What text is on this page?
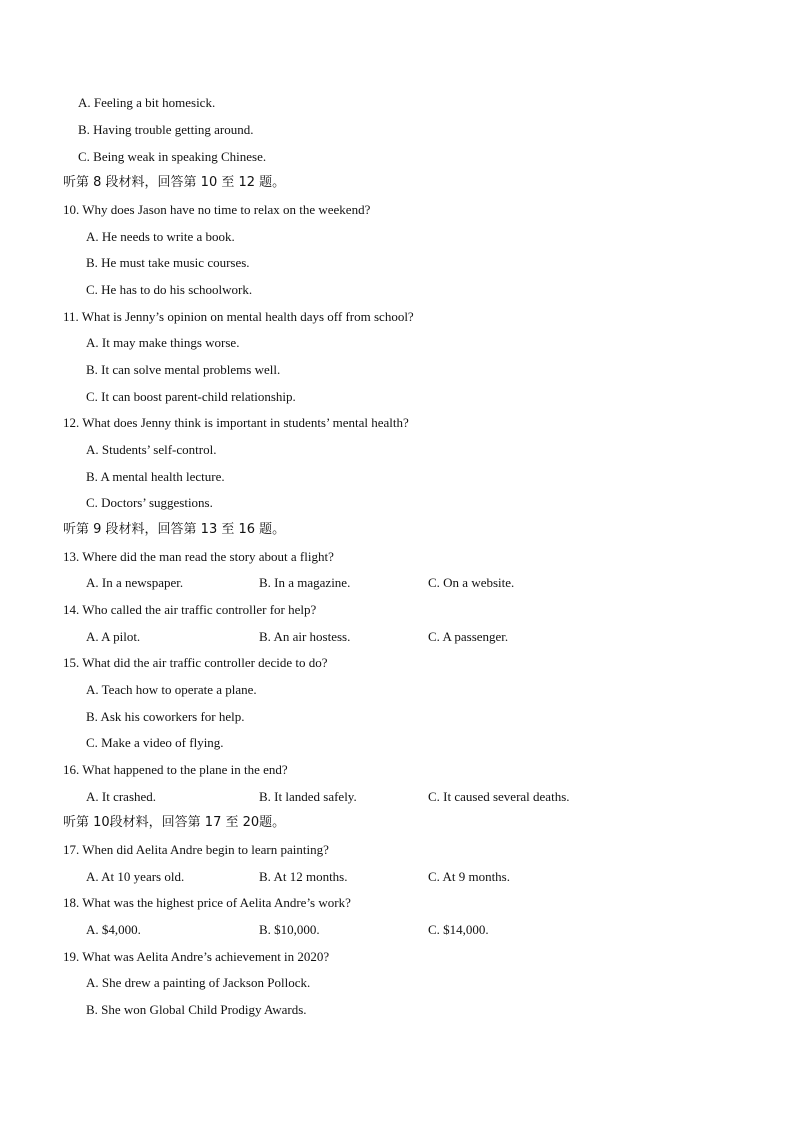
A. Feeling a bit homesick.
B. Having trouble getting around.
C. Being weak in speaking Chinese.
听第 8 段材料，回答第 10 至 12 题。
10. Why does Jason have no time to relax on the weekend?
A. He needs to write a book.
B. He must take music courses.
C. He has to do his schoolwork.
11. What is Jenny’s opinion on mental health days off from school?
A. It may make things worse.
B. It can solve mental problems well.
C. It can boost parent-child relationship.
12. What does Jenny think is important in students’ mental health?
A. Students’ self-control.
B. A mental health lecture.
C. Doctors’ suggestions.
听第 9 段材料，回答第 13 至 16 题。
13. Where did the man read the story about a flight?
A. In a newspaper.	B. In a magazine.	C. On a website.
14. Who called the air traffic controller for help?
A. A pilot.	B. An air hostess.	C. A passenger.
15. What did the air traffic controller decide to do?
A. Teach how to operate a plane.
B. Ask his coworkers for help.
C. Make a video of flying.
16. What happened to the plane in the end?
A. It crashed.	B. It landed safely.	C. It caused several deaths.
听第 10段材料，回答第 17 至 20题。
17. When did Aelita Andre begin to learn painting?
A. At 10 years old.	B. At 12 months.	C. At 9 months.
18. What was the highest price of Aelita Andre’s work?
A. $4,000.	B. $10,000.	C. $14,000.
19. What was Aelita Andre’s achievement in 2020?
A. She drew a painting of Jackson Pollock.
B. She won Global Child Prodigy Awards.
